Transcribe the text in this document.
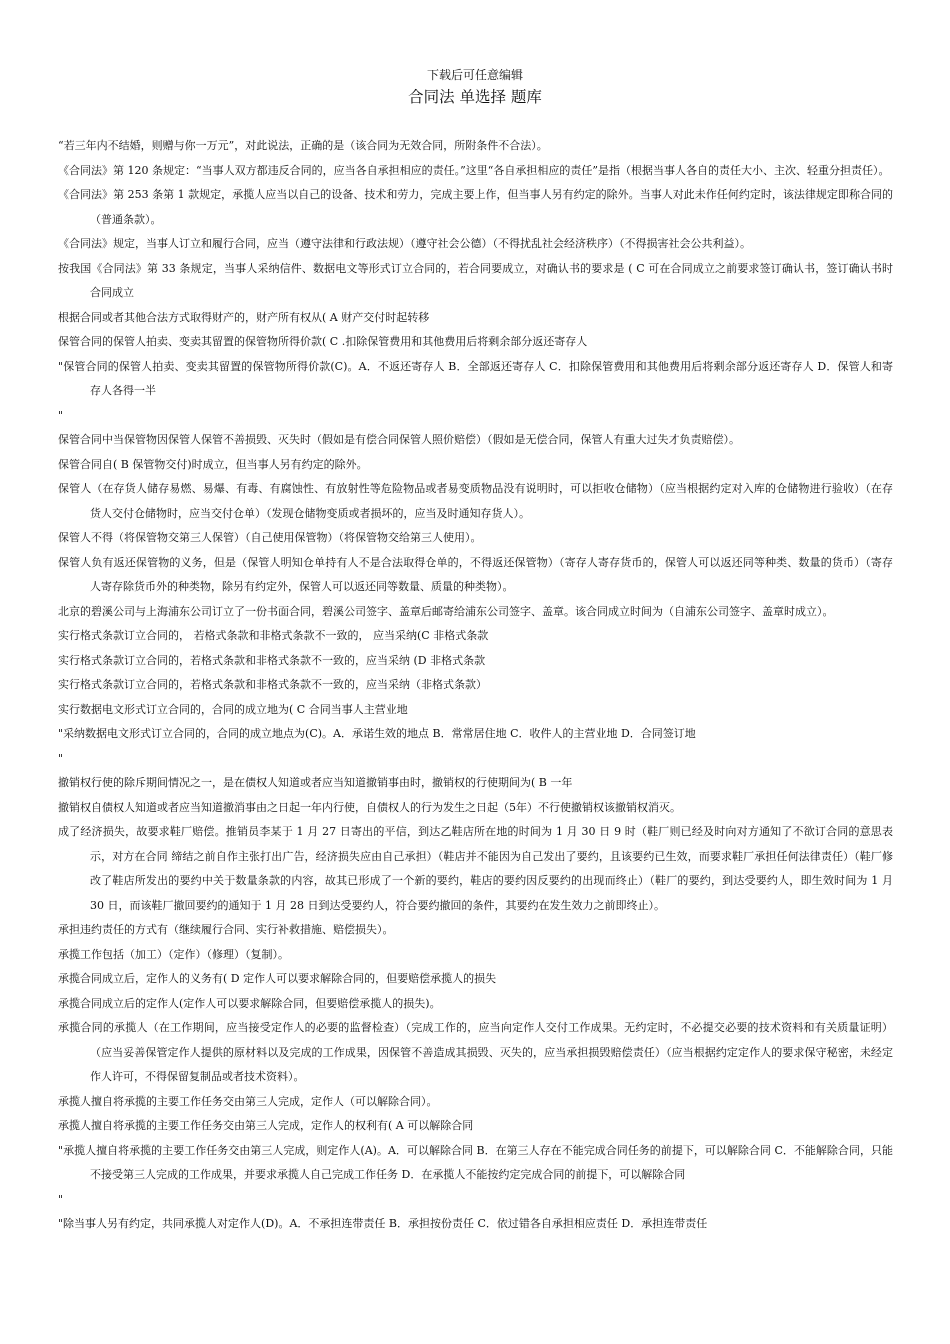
下载后可任意编辑
合同法 单选择 题库

“若三年内不结婚，则赠与你一万元”，对此说法，正确的是（该合同为无效合同，所附条件不合法）。

《合同法》第 120 条规定：“当事人双方都违反合同的，应当各自承担相应的责任。”这里“各自承担相应的责任”是指（根据当事人各自的责任大小、主次、轻重分担责任）。

《合同法》第 253 条第 1 款规定，承揽人应当以自己的设备、技术和劳力，完成主要上作，但当事人另有约定的除外。当事人对此未作任何约定时，该法律规定即称合同的（普通条款）。

《合同法》规定，当事人订立和履行合同，应当（遵守法律和行政法规）（遵守社会公德）（不得扰乱社会经济秩序）（不得损害社会公共利益）。

按我国《合同法》第 33 条规定，当事人采纳信件、数据电文等形式订立合同的，若合同要成立，对确认书的要求是 ( C 可在合同成立之前要求签订确认书，签订确认书时合同成立

根据合同或者其他合法方式取得财产的，财产所有权从( A 财产交付时起转移

保管合同的保管人拍卖、变卖其留置的保管物所得价款( C .扣除保管费用和其他费用后将剩余部分返还寄存人

"保管合同的保管人拍卖、变卖其留置的保管物所得价款(C)。A．不返还寄存人 B．全部返还寄存人 C．扣除保管费用和其他费用后将剩余部分返还寄存人 D．保管人和寄存人各得一半

"

保管合同中当保管物因保管人保管不善损毁、灭失时（假如是有偿合同保管人照价赔偿）（假如是无偿合同，保管人有重大过失才负责赔偿）。

保管合同自( B 保管物交付)时成立，但当事人另有约定的除外。

保管人（在存货人储存易燃、易爆、有毒、有腐蚀性、有放射性等危险物品或者易变质物品没有说明时，可以拒收仓储物）（应当根据约定对入库的仓储物进行验收）（在存货人交付仓储物时，应当交付仓单）（发现仓储物变质或者损坏的，应当及时通知存货人）。

保管人不得（将保管物交第三人保管）（自己使用保管物）（将保管物交给第三人使用）。

保管人负有返还保管物的义务，但是（保管人明知仓单持有人不是合法取得仓单的，不得返还保管物）（寄存人寄存货币的，保管人可以返还同等种类、数量的货币）（寄存人寄存除货币外的种类物，除另有约定外，保管人可以返还同等数量、质量的种类物）。

北京的碧溪公司与上海浦东公司订立了一份书面合同，碧溪公司签字、盖章后邮寄给浦东公司签字、盖章。该合同成立时间为（自浦东公司签字、盖章时成立）。

实行格式条款订立合同的， 若格式条款和非格式条款不一致的， 应当采纳(C 非格式条款

实行格式条款订立合同的，若格式条款和非格式条款不一致的，应当采纳 (D 非格式条款

实行格式条款订立合同的，若格式条款和非格式条款不一致的，应当采纳（非格式条款）

实行数据电文形式订立合同的，合同的成立地为( C 合同当事人主营业地

"采纳数据电文形式订立合同的，合同的成立地点为(C)。A．承诺生效的地点 B．常常居住地 C．收件人的主营业地 D．合同签订地

"

撤销权行使的除斥期间情况之一，是在债权人知道或者应当知道撤销事由时，撤销权的行使期间为( B 一年

撤销权自债权人知道或者应当知道撤消事由之日起一年内行使，自债权人的行为发生之日起（5年）不行使撤销权该撤销权消灭。

成了经济损失，故要求鞋厂赔偿。推销员李某于 1 月 27 日寄出的平信，到达乙鞋店所在地的时间为 1 月 30 日 9 时（鞋厂则已经及时向对方通知了不欲订合同的意思表示，对方在合同 缔结之前自作主张打出广告，经济损失应由自己承担）（鞋店并不能因为自己发出了要约，且该要约已生效，而要求鞋厂承担任何法律责任）（鞋厂修改了鞋店所发出的要约中关于数量条款的内容，故其已形成了一个新的要约，鞋店的要约因反要约的出现而终止）（鞋厂的要约，到达受要约人，即生效时间为 1 月 30 日，而该鞋厂撤回要约的通知于 1 月 28 日到达受要约人，符合要约撤回的条件，其要约在发生效力之前即终止）。

承担违约责任的方式有（继续履行合同、实行补救措施、赔偿损失）。

承揽工作包括（加工）（定作）（修理）（复制）。

承揽合同成立后，定作人的义务有( D 定作人可以要求解除合同的，但要赔偿承揽人的损失

承揽合同成立后的定作人(定作人可以要求解除合同，但要赔偿承揽人的损失)。

承揽合同的承揽人（在工作期间，应当接受定作人的必要的监督检查）（完成工作的，应当向定作人交付工作成果。无约定时，不必提交必要的技术资料和有关质量证明）（应当妥善保管定作人提供的原材料以及完成的工作成果，因保管不善造成其损毁、灭失的，应当承担损毁赔偿责任）（应当根据约定定作人的要求保守秘密，未经定作人许可，不得保留复制品或者技术资料）。

承揽人擅自将承揽的主要工作任务交由第三人完成，定作人（可以解除合同）。

承揽人擅自将承揽的主要工作任务交由第三人完成，定作人的权利有( A 可以解除合同

"承揽人擅自将承揽的主要工作任务交由第三人完成，则定作人(A)。A．可以解除合同 B．在第三人存在不能完成合同任务的前提下，可以解除合同 C．不能解除合同，只能不接受第三人完成的工作成果，并要求承揽人自己完成工作任务 D．在承揽人不能按约定完成合同的前提下，可以解除合同

"

"除当事人另有约定，共同承揽人对定作人(D)。A．不承担连带责任 B．承担按份责任 C．依过错各自承担相应责任 D．承担连带责任
